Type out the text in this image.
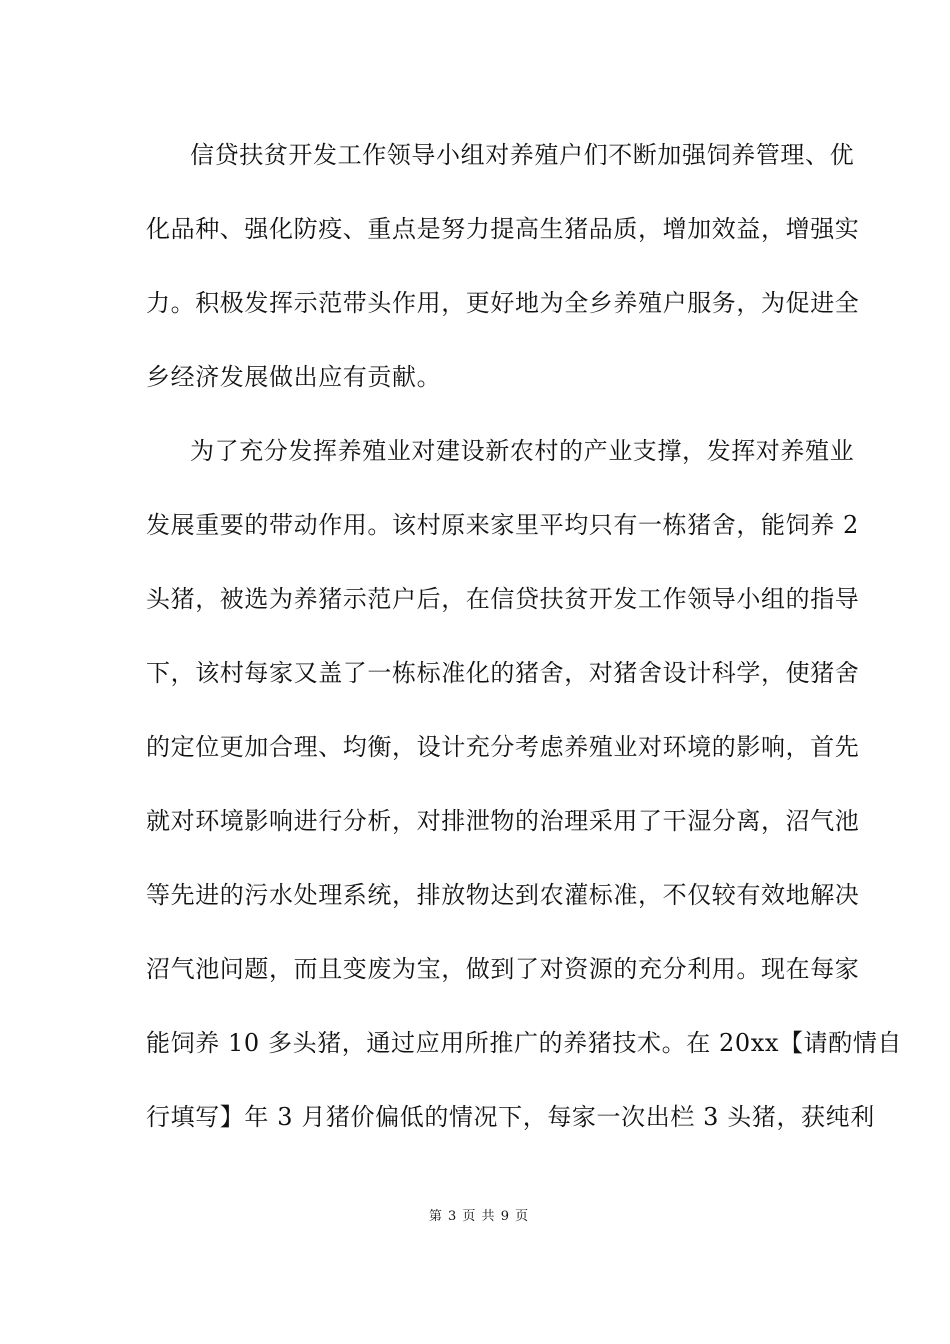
信贷扶贫开发工作领导小组对养殖户们不断加强饲养管理、优
化品种、强化防疫、重点是努力提高生猪品质，增加效益，增强实
力。积极发挥示范带头作用，更好地为全乡养殖户服务，为促进全
乡经济发展做出应有贡献。
为了充分发挥养殖业对建设新农村的产业支撑，发挥对养殖业
发展重要的带动作用。该村原来家里平均只有一栋猪舍，能饲养 2
头猪，被选为养猪示范户后，在信贷扶贫开发工作领导小组的指导
下，该村每家又盖了一栋标准化的猪舍，对猪舍设计科学，使猪舍
的定位更加合理、均衡，设计充分考虑养殖业对环境的影响，首先
就对环境影响进行分析，对排泄物的治理采用了干湿分离，沼气池
等先进的污水处理系统，排放物达到农灌标准，不仅较有效地解决
沼气池问题，而且变废为宝，做到了对资源的充分利用。现在每家
能饲养 10 多头猪，通过应用所推广的养猪技术。在 20xx【请酌情自
行填写】年 3 月猪价偏低的情况下，每家一次出栏 3 头猪，获纯利
第 3 页 共 9 页
